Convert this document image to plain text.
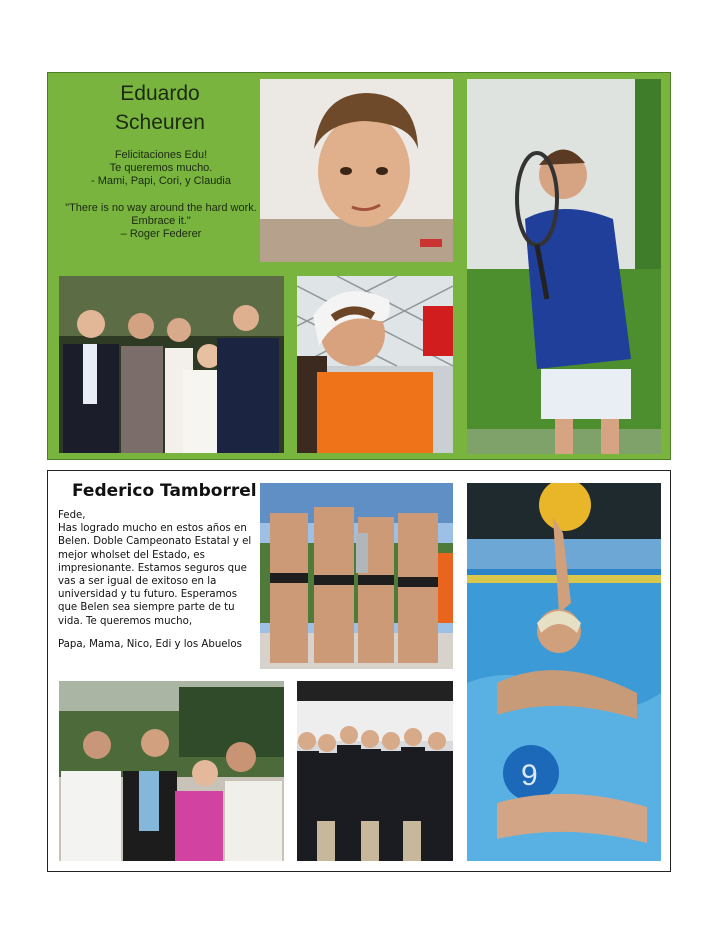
Eduardo
Scheuren

Felicitaciones Edu!
Te queremos mucho.
- Mami, Papi, Cori, y Claudia

"There is no way around the hard work. Embrace it."
– Roger Federer

Federico Tamborrel
Fede,

Has logrado mucho en estos años en Belen. Doble Campeonato Estatal y el mejor wholset del Estado, es impresionante. Estamos seguros que vas a ser igual de exitoso en la universidad y tu futuro. Esperamos que Belen sea siempre parte de tu vida. Te queremos mucho,

Papa, Mama, Nico, Edi y los Abuelos
9
